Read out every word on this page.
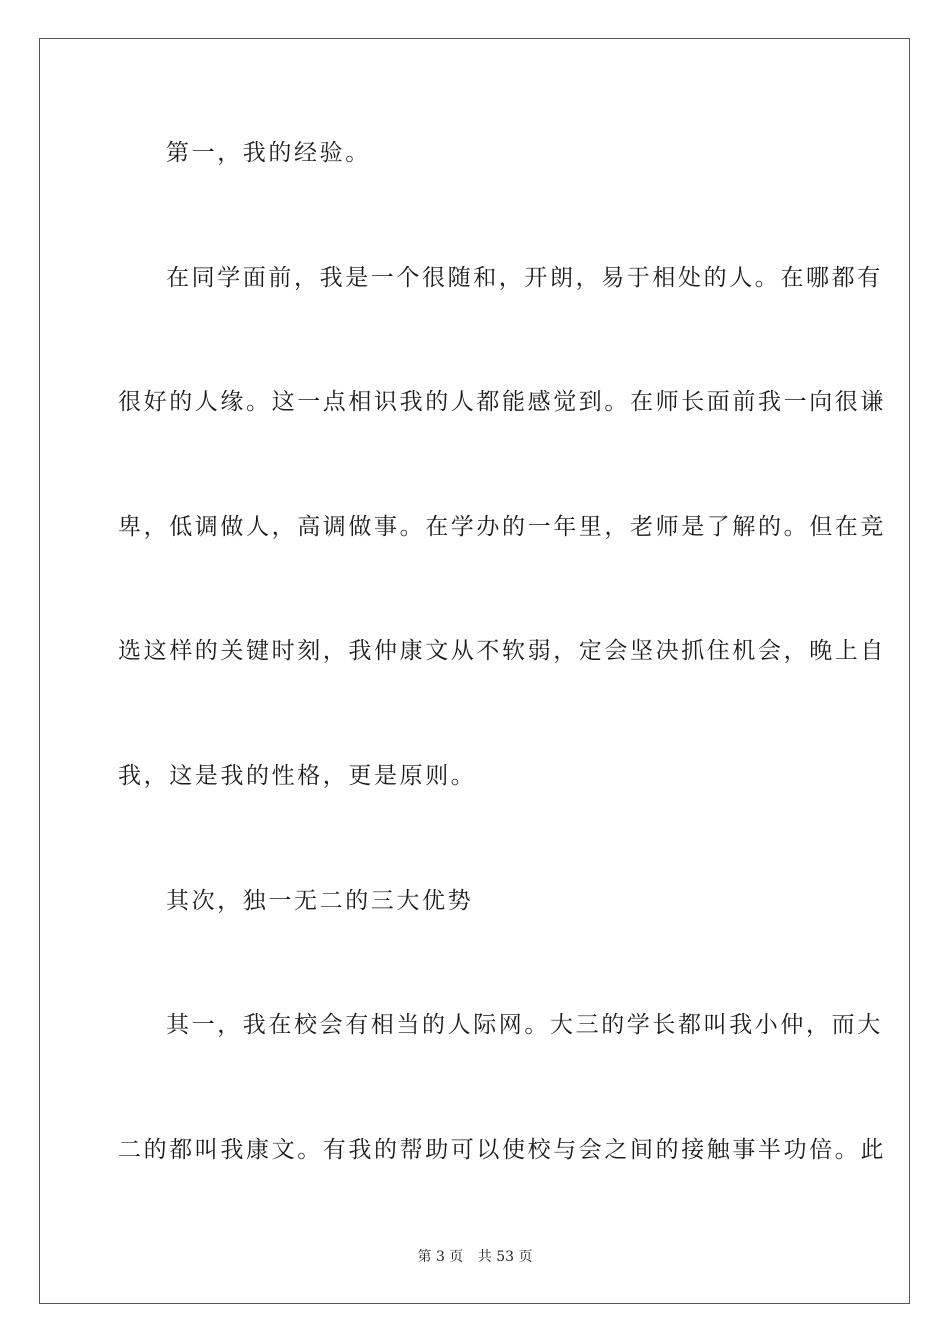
第一，我的经验。
在同学面前，我是一个很随和，开朗，易于相处的人。在哪都有
很好的人缘。这一点相识我的人都能感觉到。在师长面前我一向很谦
卑，低调做人，高调做事。在学办的一年里，老师是了解的。但在竞
选这样的关键时刻，我仲康文从不软弱，定会坚决抓住机会，晚上自
我，这是我的性格，更是原则。
其次，独一无二的三大优势
其一，我在校会有相当的人际网。大三的学长都叫我小仲，而大
二的都叫我康文。有我的帮助可以使校与会之间的接触事半功倍。此
第 3 页 共 53 页
